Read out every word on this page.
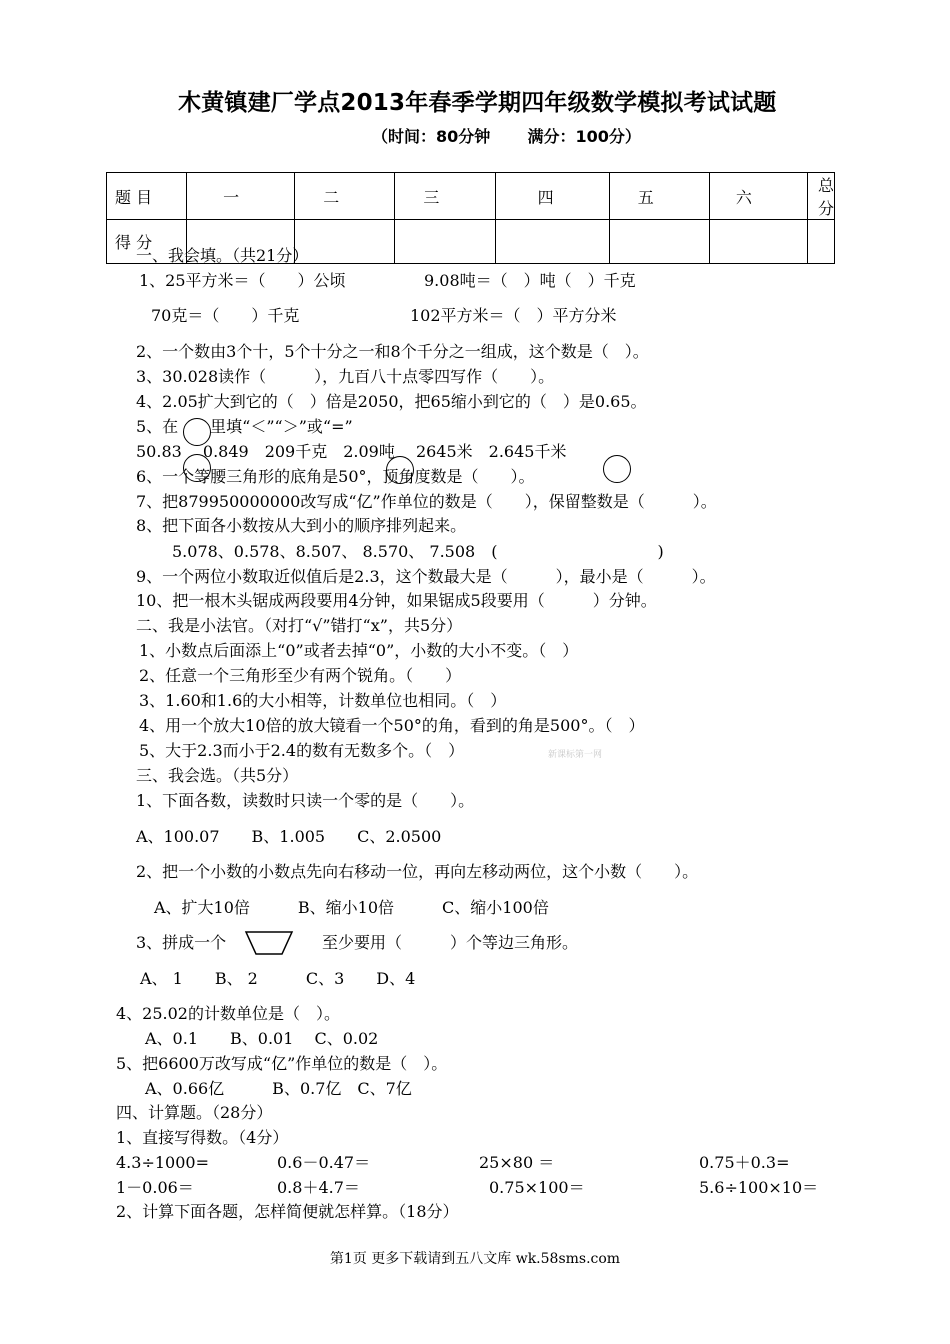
木黄镇建厂学点2013年春季学期四年级数学模拟考试试题
（时间：80分钟 满分：100分）
题 目	一	二	三	四	五	六	总 分
得 分							
一、我会填。（共21分）
1、25平方米＝（　　）公顷	9.08吨＝（　）吨（　）千克
70克＝（　　）千克	102平方米＝（　）平方分米
2、一个数由3个十，5个十分之一和8个千分之一组成，这个数是（　）。
3、30.028读作（　　　），九百八十点零四写作（　　）。
4、2.05扩大到它的（　）倍是2050，把65缩小到它的（　）是0.65。
5、在　　里填“＜”“＞”或“=”
50.83　 0.849　209千克　2.09吨　 2645米　2.645千米
6、一个等腰三角形的底角是50°，顶角度数是（　　）。
7、把879950000000改写成“亿”作单位的数是（　　），保留整数是（　　　）。
8、把下面各小数按从大到小的顺序排列起来。
5.078、0.578、8.507、 8.570、 7.508　(　　　　　　　　　　)
9、一个两位小数取近似值后是2.3，这个数最大是（　　　），最小是（　　　）。
10、把一根木头锯成两段要用4分钟，如果锯成5段要用（　　　）分钟。
二、我是小法官。（对打“√”错打“x”，共5分）
1、小数点后面添上“0”或者去掉“0”，小数的大小不变。（　）
2、任意一个三角形至少有两个锐角。（　　）
3、1.60和1.6的大小相等，计数单位也相同。（　）
4、用一个放大10倍的放大镜看一个50°的角，看到的角是500°。（　）
5、大于2.3而小于2.4的数有无数多个。（　）	新课标第一网
三、我会选。（共5分）
1、下面各数，读数时只读一个零的是（　　）。
A、100.07　　B、1.005　　C、2.0500
2、把一个小数的小数点先向右移动一位，再向左移动两位，这个小数（　　）。
A、扩大10倍　　　B、缩小10倍　　　C、缩小100倍
3、拼成一个	至少要用（　　　）个等边三角形。
A、 1　　B、 2　　　C、3　　D、4
4、25.02的计数单位是（　）。
A、0.1　　B、0.01　 C、0.02
5、把6600万改写成“亿”作单位的数是（　）。
A、0.66亿　　　B、0.7亿　C、7亿
四、计算题。（28分）
1、直接写得数。（4分）
4.3÷1000=	0.6－0.47＝	25×80 ＝	0.75＋0.3=
1－0.06＝	0.8＋4.7＝	0.75×100＝	5.6÷100×10＝
2、计算下面各题，怎样简便就怎样算。（18分）
第1页 更多下载请到五八文库 wk.58sms.com
